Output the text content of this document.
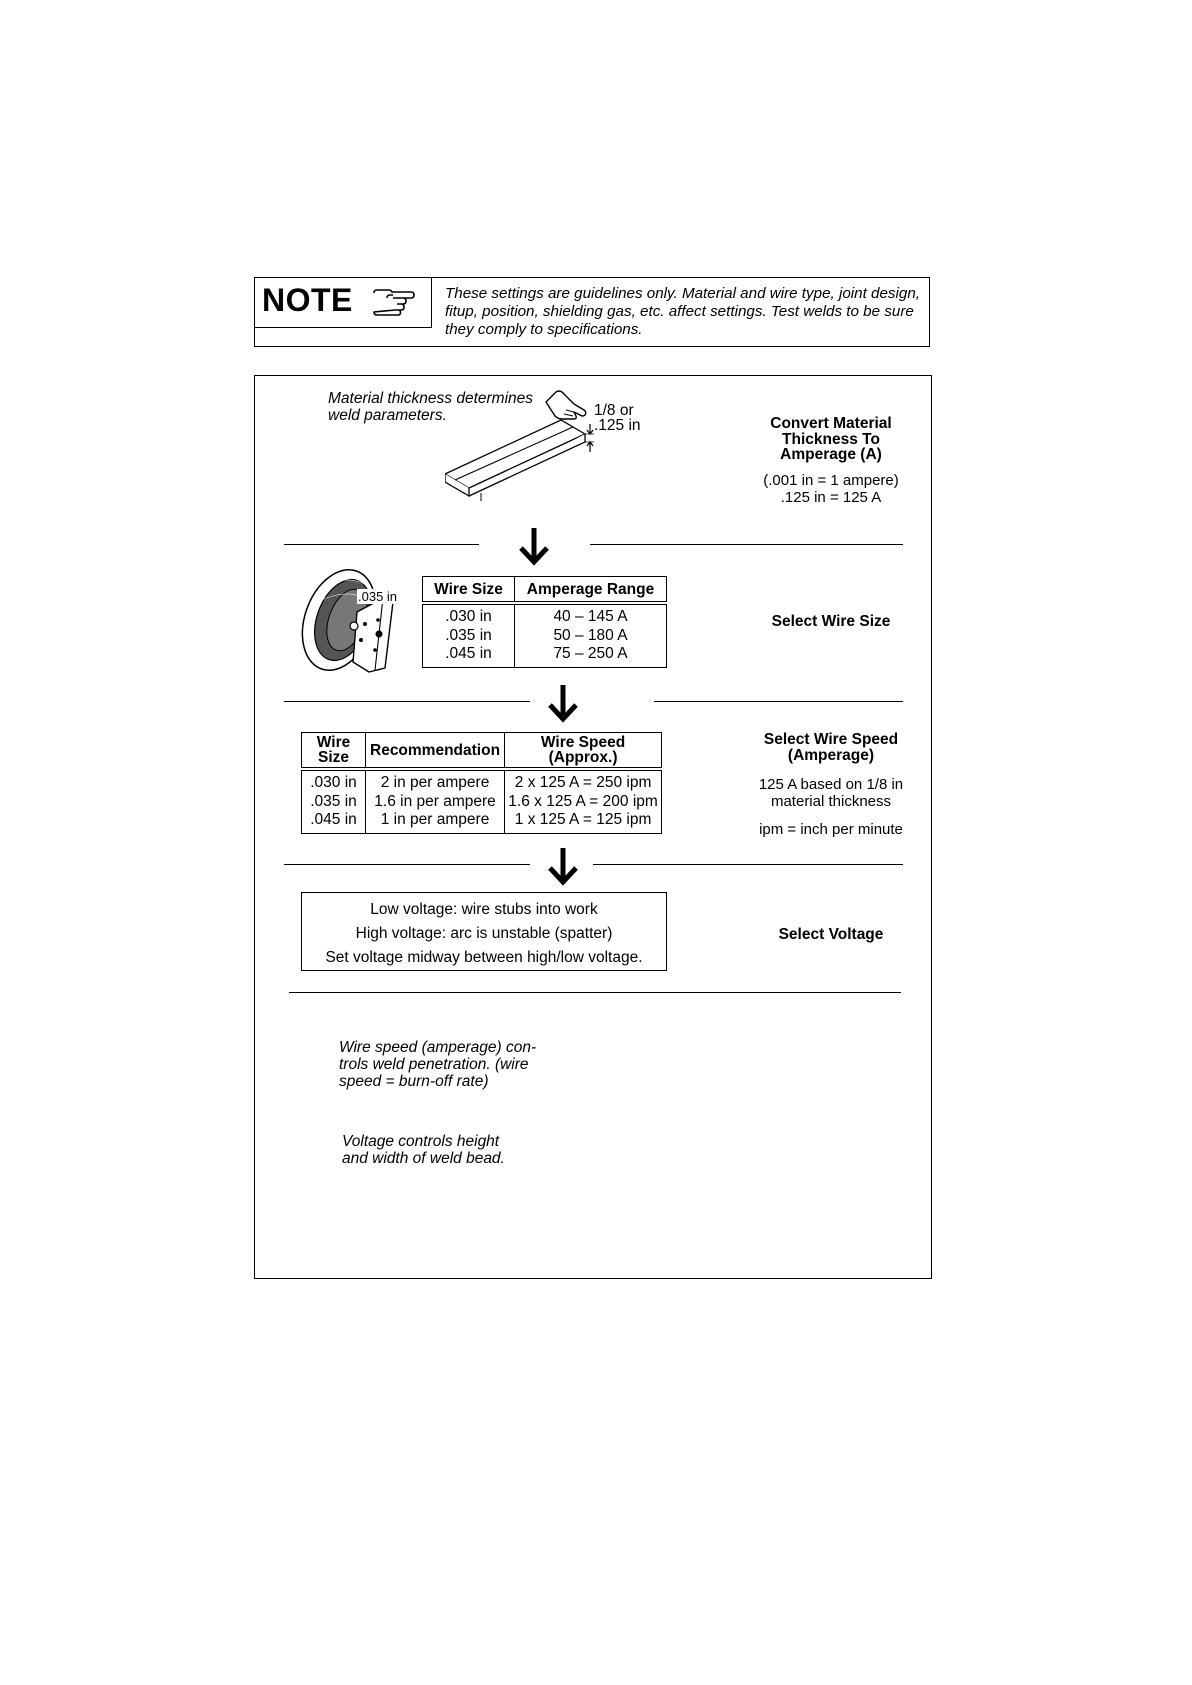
NOTE	These settings are guidelines only. Material and wire type, joint design, fitup, position, shielding gas, etc. affect settings. Test welds to be sure they comply to specifications.
Material thickness determines
weld parameters.	1/8 or
.125 in	Convert Material
Thickness To
Amperage (A)
(.001 in = 1 ampere)
.125 in = 125 A
.035 in Wire Size	Amperage Range
.030 in	40 – 145 A
.035 in	50 – 180 A
.045 in	75 – 250 A
Select Wire Size
Wire
Size	Recommendation	Wire Speed
(Approx.)
.030 in	2 in per ampere	2 x 125 A = 250 ipm
.035 in	1.6 in per ampere	1.6 x 125 A = 200 ipm
.045 in	1 in per ampere	1 x 125 A = 125 ipm
Select Wire Speed
(Amperage)
125 A based on 1/8 in
material thickness
ipm = inch per minute
Low voltage: wire stubs into work
High voltage: arc is unstable (spatter)
Set voltage midway between high/low voltage.
Select Voltage
Wire speed (amperage) con-
trols weld penetration. (wire
speed = burn-off rate)
Voltage controls height
and width of weld bead.
